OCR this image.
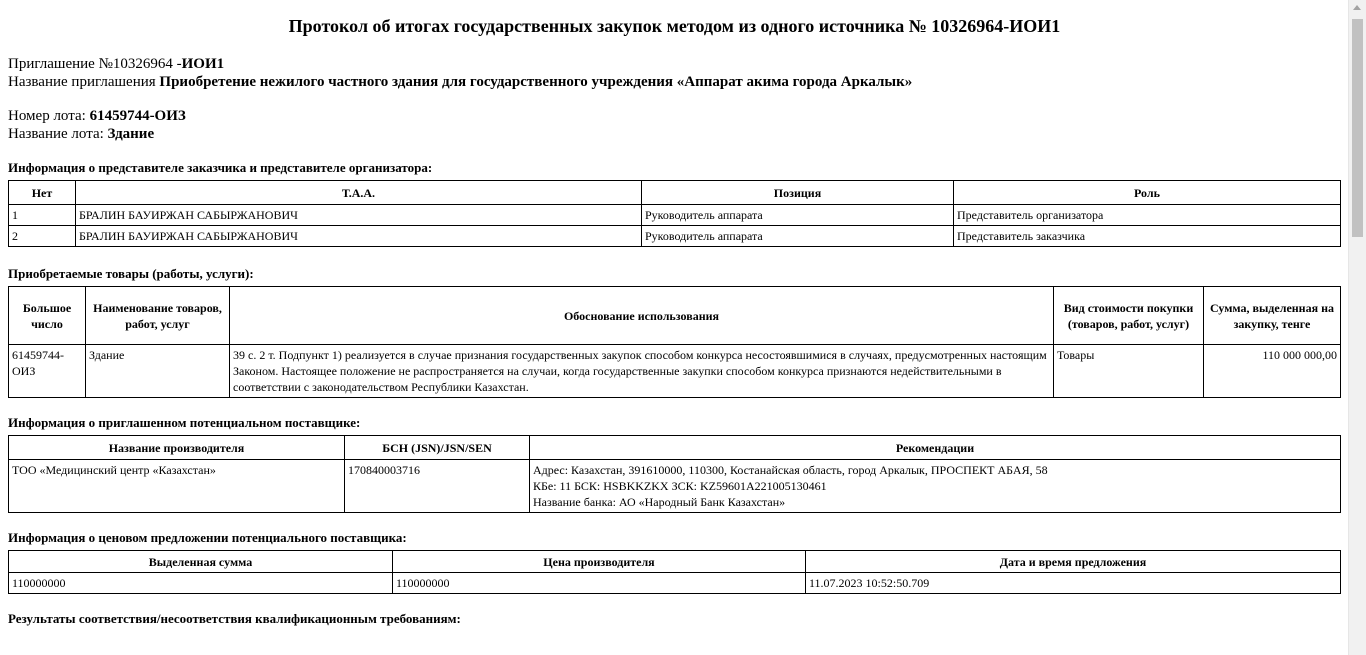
Протокол об итогах государственных закупок методом из одного источника № 10326964-ИОИ1
Приглашение №10326964 -ИОИ1
Название приглашения Приобретение нежилого частного здания для государственного учреждения «Аппарат акима города Аркалык»
Номер лота: 61459744-ОИЗ
Название лота: Здание

Информация о представителе заказчика и представителе организатора:

Нет	Т.А.А.	Позиция	Роль
1	БРАЛИН БАУИРЖАН САБЫРЖАНОВИЧ	Руководитель аппарата	Представитель организатора
2	БРАЛИН БАУИРЖАН САБЫРЖАНОВИЧ	Руководитель аппарата	Представитель заказчика

Приобретаемые товары (работы, услуги):

Большое число	Наименование товаров, работ, услуг	Обоснование использования	Вид стоимости покупки (товаров, работ, услуг)	Сумма, выделенная на закупку, тенге
61459744-ОИЗ	Здание	39 с. 2 т. Подпункт 1) реализуется в случае признания государственных закупок способом конкурса несостоявшимися в случаях, предусмотренных настоящим Законом. Настоящее положение не распространяется на случаи, когда государственные закупки способом конкурса признаются недействительными в соответствии с законодательством Республики Казахстан.	Товары	110 000 000,00

Информация о приглашенном потенциальном поставщике:

Название производителя	БСН (JSN)/JSN/SEN	Рекомендации
ТОО «Медицинский центр «Казахстан»	170840003716	Адрес: Казахстан, 391610000, 110300, Костанайская область, город Аркалык, ПРОСПЕКТ АБАЯ, 58
КБе: 11 БСК: HSBKKZKX ЗСК: KZ59601A221005130461
Название банка: АО «Народный Банк Казахстан»

Информация о ценовом предложении потенциального поставщика:

Выделенная сумма	Цена производителя	Дата и время предложения
110000000	110000000	11.07.2023 10:52:50.709

Результаты соответствия/несоответствия квалификационным требованиям:
